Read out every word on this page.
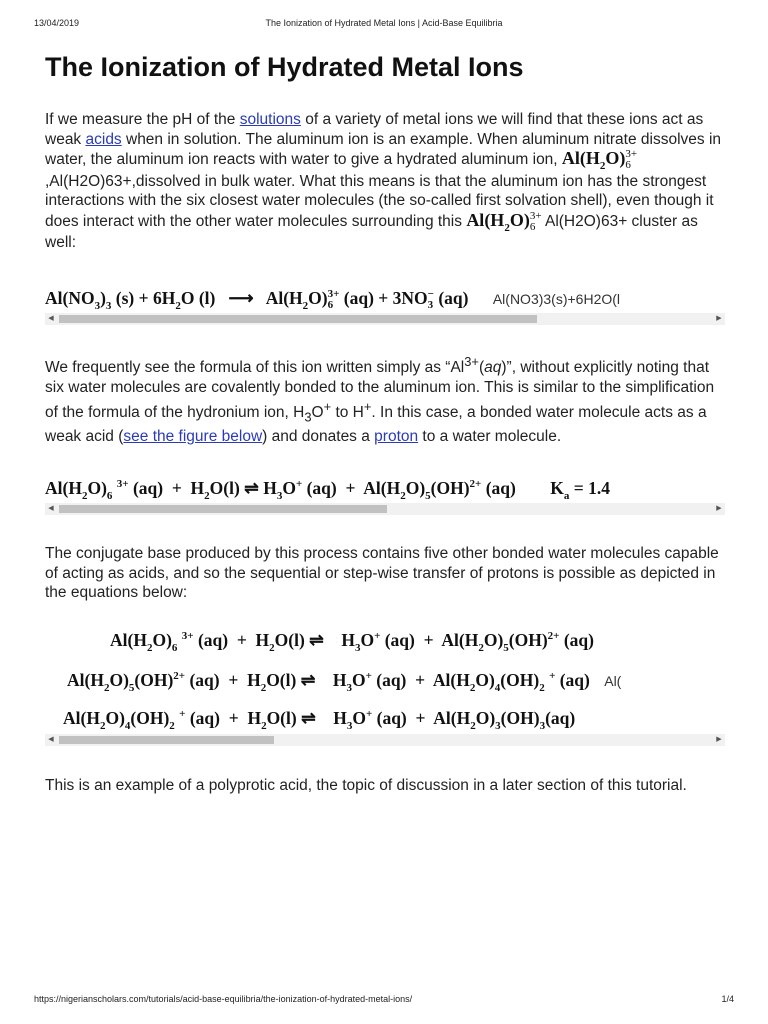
13/04/2019	The Ionization of Hydrated Metal Ions | Acid-Base Equilibria
The Ionization of Hydrated Metal Ions
If we measure the pH of the solutions of a variety of metal ions we will find that these ions act as weak acids when in solution. The aluminum ion is an example. When aluminum nitrate dissolves in water, the aluminum ion reacts with water to give a hydrated aluminum ion, $Al(H_2O)3+$
6,Al(H2O)63+,dissolved in bulk water. What this means is that the aluminum ion has the strongest interactions with the six closest water molecules (the so-called first solvation shell), even though it does interact with the other water molecules surrounding this $Al(H_2O)3+$
6 Al(H2O)63+ cluster as well:
$Al(NO_3)_3$ $(s) + 6H_2O$ (l)   ⟶   $Al(H_2O)3+$
6 (aq) + 3NO−
3 (aq) Al(NO3)3(s)+6H2O(l
◀	▶
We frequently see the formula of this ion written simply as “$Al^{3+}(aq)$”, without explicitly noting that six water molecules are covalently bonded to the aluminum ion. This is similar to the simplification of the formula of the hydronium ion, $H_3O^+$ to H+. In this case, a bonded water molecule acts as a weak acid (see the figure below) and donates a proton to a water molecule.
$Al(H_2O)_6$ $^{3+}$ $(aq) + H_2O(l)$ ⇌ $H_3O^+$ $(aq) + Al(H_2O)_5(OH)^{2+}$ (aq) $K_a = 1.4$
◀	▶
The conjugate base produced by this process contains five other bonded water molecules capable of acting as acids, and so the sequential or step-wise transfer of protons is possible as depicted in the equations below:
$Al(H_2O)_6$ $^{3+}$ $(aq) + H_2O(l)$ ⇌    $H_3O^+$ $(aq) + Al(H_2O)_5(OH)^{2+}$ (aq)
$Al(H_2O)_5(OH)^{2+}$ $(aq) + H_2O(l)$ ⇌    $H_3O^+$ $(aq) + Al(H_2O)_4(OH)_2$ + (aq) Al(
$Al(H_2O)_4(OH)_2$ + $(aq) + H_2O(l)$ ⇌    $H_3O^+$ $(aq) + Al(H_2O)_3(OH)_3(aq)$
◀	▶
This is an example of a polyprotic acid, the topic of discussion in a later section of this tutorial.
https://nigerianscholars.com/tutorials/acid-base-equilibria/the-ionization-of-hydrated-metal-ions/	1/4
